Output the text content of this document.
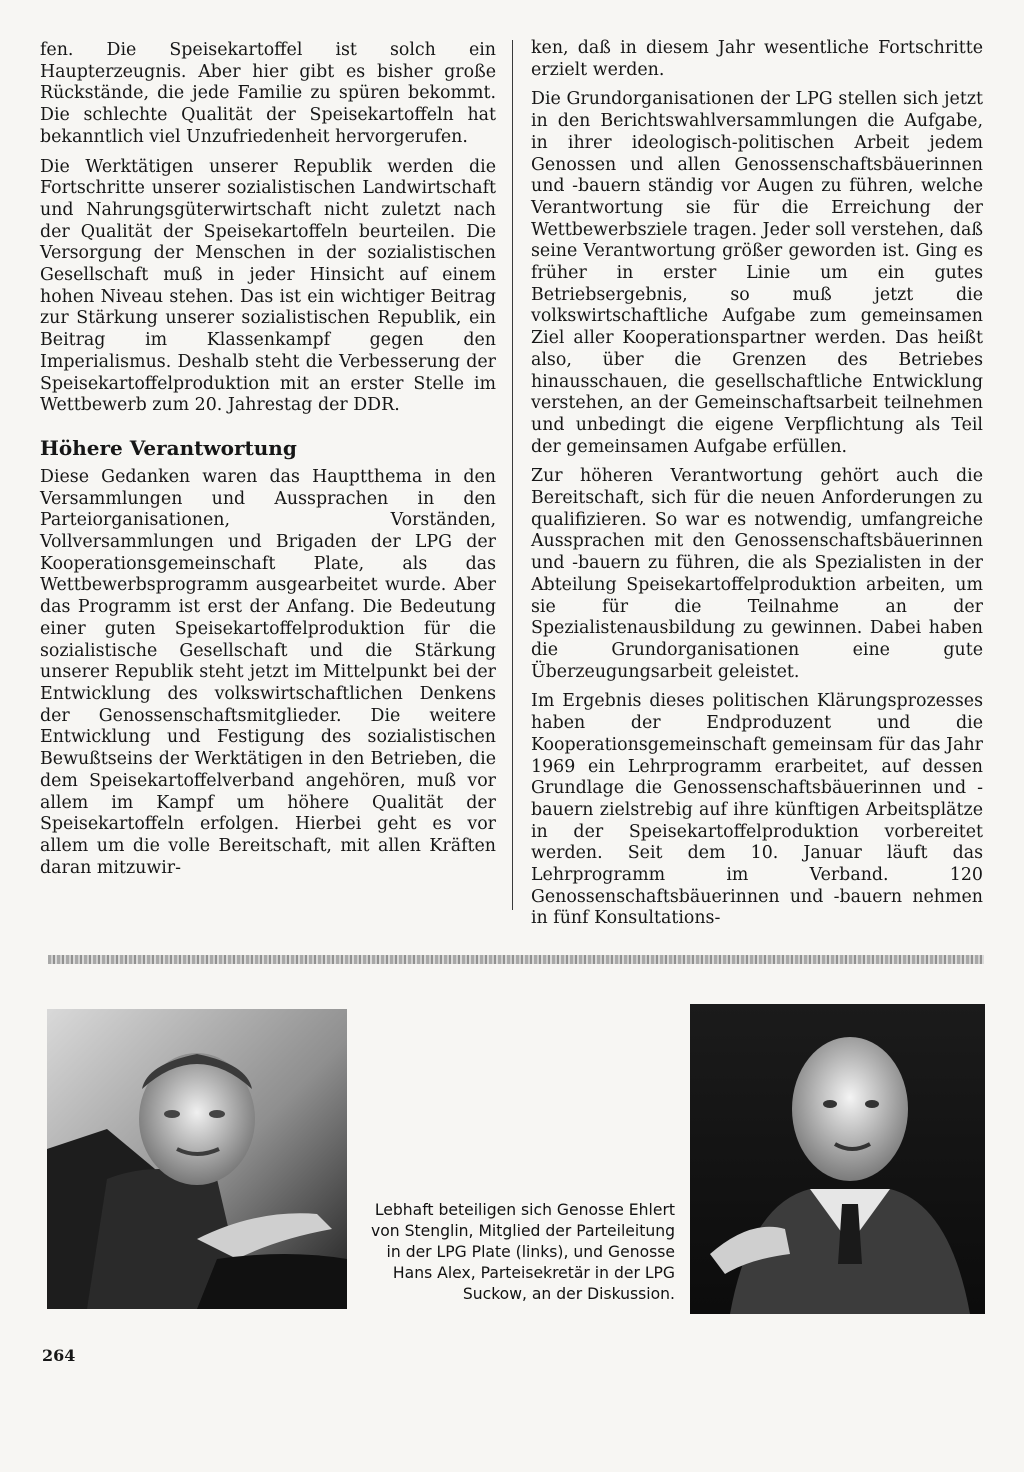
fen. Die Speisekartoffel ist solch ein Haupterzeugnis. Aber hier gibt es bisher große Rückstände, die jede Familie zu spüren bekommt. Die schlechte Qualität der Speisekartoffeln hat bekanntlich viel Unzufriedenheit hervorgerufen.

Die Werktätigen unserer Republik werden die Fortschritte unserer sozialistischen Landwirtschaft und Nahrungsgüterwirtschaft nicht zuletzt nach der Qualität der Speisekartoffeln beurteilen. Die Versorgung der Menschen in der sozialistischen Gesellschaft muß in jeder Hinsicht auf einem hohen Niveau stehen. Das ist ein wichtiger Beitrag zur Stärkung unserer sozialistischen Republik, ein Beitrag im Klassenkampf gegen den Imperialismus. Deshalb steht die Verbesserung der Speisekartoffelproduktion mit an erster Stelle im Wettbewerb zum 20. Jahrestag der DDR.

Höhere Verantwortung

Diese Gedanken waren das Hauptthema in den Versammlungen und Aussprachen in den Parteiorganisationen, Vorständen, Vollversammlungen und Brigaden der LPG der Kooperationsgemeinschaft Plate, als das Wettbewerbsprogramm ausgearbeitet wurde. Aber das Programm ist erst der Anfang. Die Bedeutung einer guten Speisekartoffelproduktion für die sozialistische Gesellschaft und die Stärkung unserer Republik steht jetzt im Mittelpunkt bei der Entwicklung des volkswirtschaftlichen Denkens der Genossenschaftsmitglieder. Die weitere Entwicklung und Festigung des sozialistischen Bewußtseins der Werktätigen in den Betrieben, die dem Speisekartoffelverband angehören, muß vor allem im Kampf um höhere Qualität der Speisekartoffeln erfolgen. Hierbei geht es vor allem um die volle Bereitschaft, mit allen Kräften daran mitzuwir-

ken, daß in diesem Jahr wesentliche Fortschritte erzielt werden.

Die Grundorganisationen der LPG stellen sich jetzt in den Berichtswahlversammlungen die Aufgabe, in ihrer ideologisch-politischen Arbeit jedem Genossen und allen Genossenschaftsbäuerinnen und -bauern ständig vor Augen zu führen, welche Verantwortung sie für die Erreichung der Wettbewerbsziele tragen. Jeder soll verstehen, daß seine Verantwortung größer geworden ist. Ging es früher in erster Linie um ein gutes Betriebsergebnis, so muß jetzt die volkswirtschaftliche Aufgabe zum gemeinsamen Ziel aller Kooperationspartner werden. Das heißt also, über die Grenzen des Betriebes hinausschauen, die gesellschaftliche Entwicklung verstehen, an der Gemeinschaftsarbeit teilnehmen und unbedingt die eigene Verpflichtung als Teil der gemeinsamen Aufgabe erfüllen.

Zur höheren Verantwortung gehört auch die Bereitschaft, sich für die neuen Anforderungen zu qualifizieren. So war es notwendig, umfangreiche Aussprachen mit den Genossenschaftsbäuerinnen und -bauern zu führen, die als Spezialisten in der Abteilung Speisekartoffelproduktion arbeiten, um sie für die Teilnahme an der Spezialistenausbildung zu gewinnen. Dabei haben die Grundorganisationen eine gute Überzeugungsarbeit geleistet.

Im Ergebnis dieses politischen Klärungsprozesses haben der Endproduzent und die Kooperationsgemeinschaft gemeinsam für das Jahr 1969 ein Lehrprogramm erarbeitet, auf dessen Grundlage die Genossenschaftsbäuerinnen und -bauern zielstrebig auf ihre künftigen Arbeitsplätze in der Speisekartoffelproduktion vorbereitet werden. Seit dem 10. Januar läuft das Lehrprogramm im Verband. 120 Genossenschaftsbäuerinnen und -bauern nehmen in fünf Konsultations-

Lebhaft beteiligen sich Genosse Ehlert von Stenglin, Mitglied der Parteileitung in der LPG Plate (links), und Genosse Hans Alex, Parteisekretär in der LPG Suckow, an der Diskussion.
264
